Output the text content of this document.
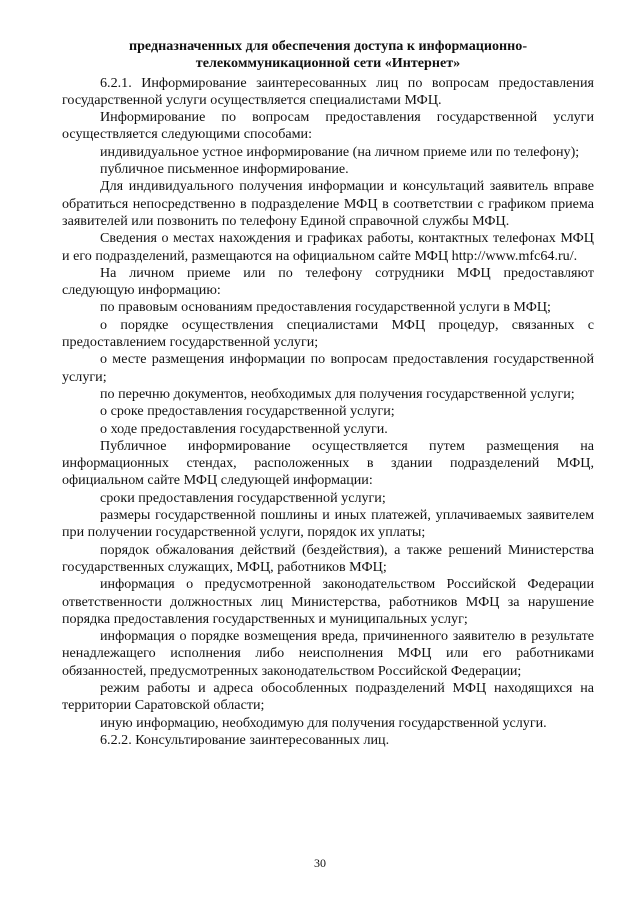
предназначенных для обеспечения доступа к информационно-
телекоммуникационной сети «Интернет»

6.2.1. Информирование заинтересованных лиц по вопросам предоставления государственной услуги осуществляется специалистами МФЦ.

Информирование по вопросам предоставления государственной услуги осуществляется следующими способами:

индивидуальное устное информирование (на личном приеме или по телефону);

публичное письменное информирование.

Для индивидуального получения информации и консультаций заявитель вправе обратиться непосредственно в подразделение МФЦ в соответствии с графиком приема заявителей или позвонить по телефону Единой справочной службы МФЦ.

Сведения о местах нахождения и графиках работы, контактных телефонах МФЦ и его подразделений, размещаются на официальном сайте МФЦ http://www.mfc64.ru/.

На личном приеме или по телефону сотрудники МФЦ предоставляют следующую информацию:

по правовым основаниям предоставления государственной услуги в МФЦ;

о порядке осуществления специалистами МФЦ процедур, связанных с предоставлением государственной услуги;

о месте размещения информации по вопросам предоставления государственной услуги;

по перечню документов, необходимых для получения государственной услуги;

о сроке предоставления государственной услуги;

о ходе предоставления государственной услуги.

Публичное информирование осуществляется путем размещения на информационных стендах, расположенных в здании подразделений МФЦ, официальном сайте МФЦ следующей информации:

сроки предоставления государственной услуги;

размеры государственной пошлины и иных платежей, уплачиваемых заявителем при получении государственной услуги, порядок их уплаты;

порядок обжалования действий (бездействия), а также решений Министерства государственных служащих, МФЦ, работников МФЦ;

информация о предусмотренной законодательством Российской Федерации ответственности должностных лиц Министерства, работников МФЦ за нарушение порядка предоставления государственных и муниципальных услуг;

информация о порядке возмещения вреда, причиненного заявителю в результате ненадлежащего исполнения либо неисполнения МФЦ или его работниками обязанностей, предусмотренных законодательством Российской Федерации;

режим работы и адреса обособленных подразделений МФЦ находящихся на территории Саратовской области;

иную информацию, необходимую для получения государственной услуги.

6.2.2. Консультирование заинтересованных лиц.

30
